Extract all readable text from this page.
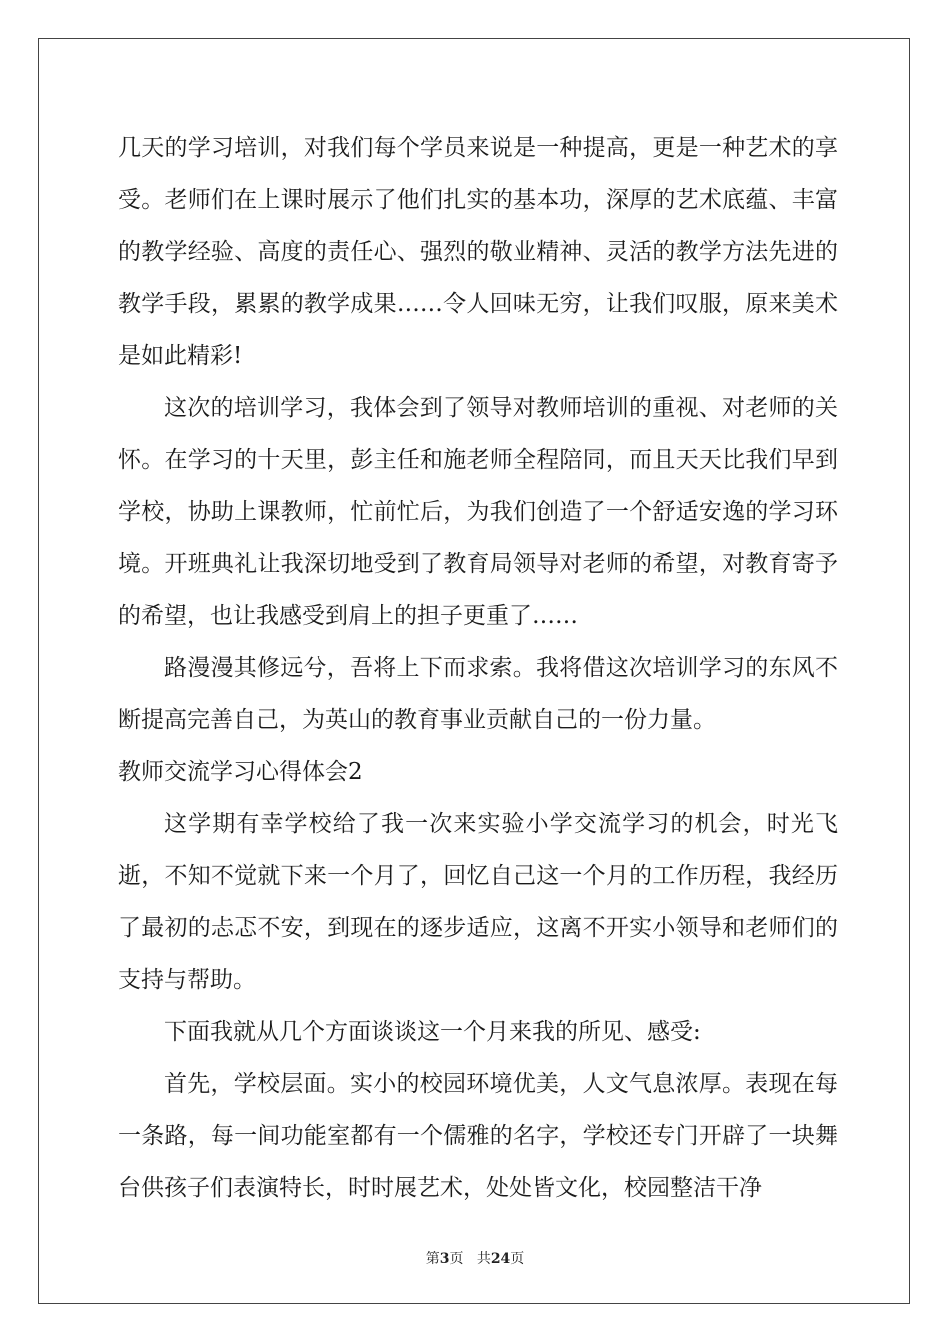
几天的学习培训，对我们每个学员来说是一种提高，更是一种艺术的享受。老师们在上课时展示了他们扎实的基本功，深厚的艺术底蕴、丰富的教学经验、高度的责任心、强烈的敬业精神、灵活的教学方法先进的教学手段，累累的教学成果……令人回味无穷，让我们叹服，原来美术是如此精彩!

这次的培训学习，我体会到了领导对教师培训的重视、对老师的关怀。在学习的十天里，彭主任和施老师全程陪同，而且天天比我们早到学校，协助上课教师，忙前忙后，为我们创造了一个舒适安逸的学习环境。开班典礼让我深切地受到了教育局领导对老师的希望，对教育寄予的希望，也让我感受到肩上的担子更重了……

路漫漫其修远兮，吾将上下而求索。我将借这次培训学习的东风不断提高完善自己，为英山的教育事业贡献自己的一份力量。

教师交流学习心得体会2

这学期有幸学校给了我一次来实验小学交流学习的机会，时光飞逝，不知不觉就下来一个月了，回忆自己这一个月的工作历程，我经历了最初的忐忑不安，到现在的逐步适应，这离不开实小领导和老师们的支持与帮助。

下面我就从几个方面谈谈这一个月来我的所见、感受:

首先，学校层面。实小的校园环境优美，人文气息浓厚。表现在每一条路，每一间功能室都有一个儒雅的名字，学校还专门开辟了一块舞台供孩子们表演特长，时时展艺术，处处皆文化，校园整洁干净

第3页 共24页
